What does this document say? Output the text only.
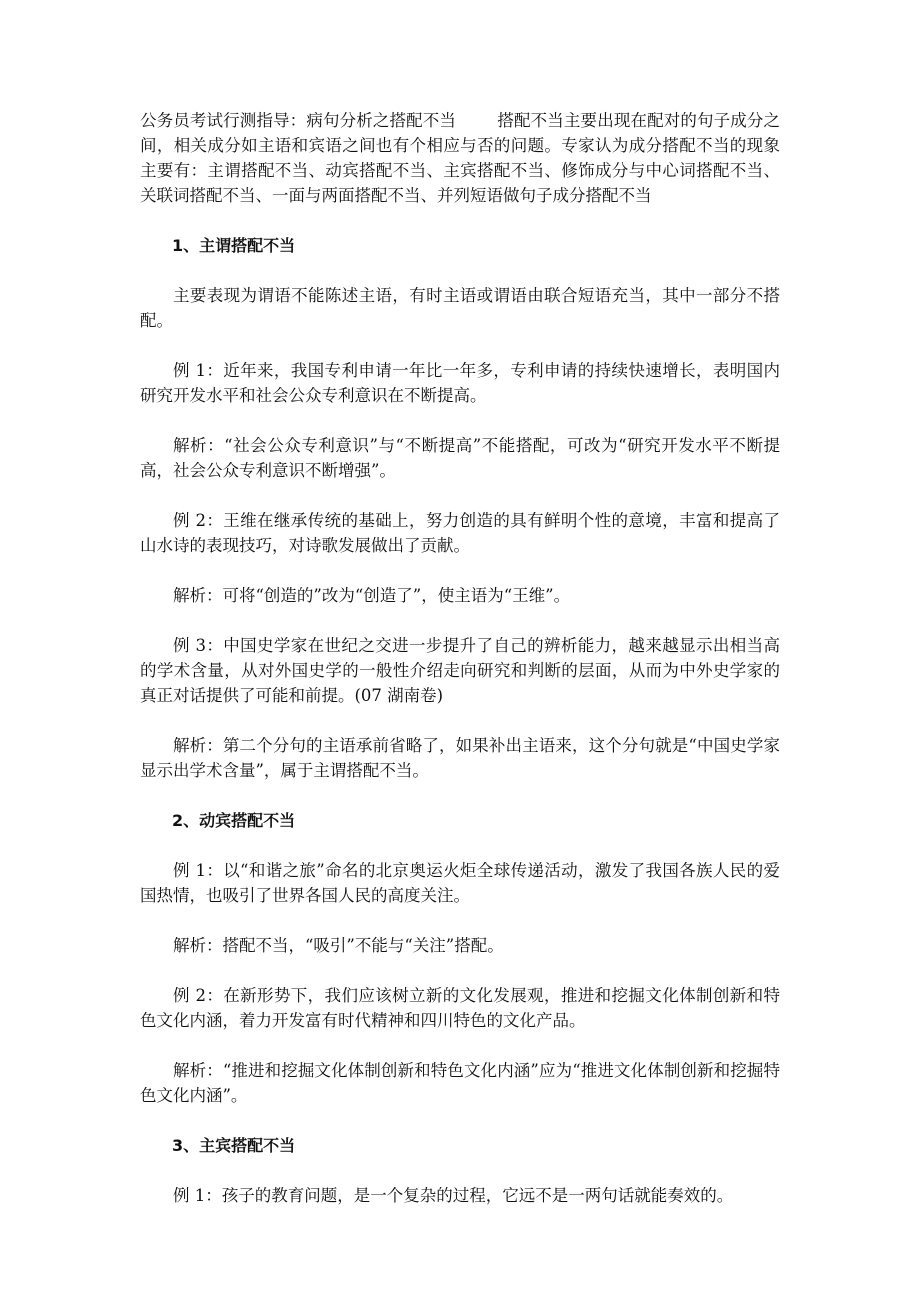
公务员考试行测指导：病句分析之搭配不当	搭配不当主要出现在配对的句子成分之间，相关成分如主语和宾语之间也有个相应与否的问题。专家认为成分搭配不当的现象主要有：主谓搭配不当、动宾搭配不当、主宾搭配不当、修饰成分与中心词搭配不当、关联词搭配不当、一面与两面搭配不当、并列短语做句子成分搭配不当

1、主谓搭配不当

主要表现为谓语不能陈述主语，有时主语或谓语由联合短语充当，其中一部分不搭配。

例 1：近年来，我国专利申请一年比一年多，专利申请的持续快速增长，表明国内研究开发水平和社会公众专利意识在不断提高。

解析：“社会公众专利意识”与“不断提高”不能搭配，可改为“研究开发水平不断提高，社会公众专利意识不断增强”。

例 2：王维在继承传统的基础上，努力创造的具有鲜明个性的意境，丰富和提高了山水诗的表现技巧，对诗歌发展做出了贡献。

解析：可将“创造的”改为“创造了”，使主语为“王维”。

例 3：中国史学家在世纪之交进一步提升了自己的辨析能力，越来越显示出相当高的学术含量，从对外国史学的一般性介绍走向研究和判断的层面，从而为中外史学家的真正对话提供了可能和前提。(07 湖南卷)

解析：第二个分句的主语承前省略了，如果补出主语来，这个分句就是“中国史学家显示出学术含量”，属于主谓搭配不当。

2、动宾搭配不当

例 1：以“和谐之旅”命名的北京奥运火炬全球传递活动，激发了我国各族人民的爱国热情，也吸引了世界各国人民的高度关注。

解析：搭配不当，“吸引”不能与“关注”搭配。

例 2：在新形势下，我们应该树立新的文化发展观，推进和挖掘文化体制创新和特色文化内涵，着力开发富有时代精神和四川特色的文化产品。

解析：“推进和挖掘文化体制创新和特色文化内涵”应为“推进文化体制创新和挖掘特色文化内涵”。

3、主宾搭配不当

例 1：孩子的教育问题，是一个复杂的过程，它远不是一两句话就能奏效的。
